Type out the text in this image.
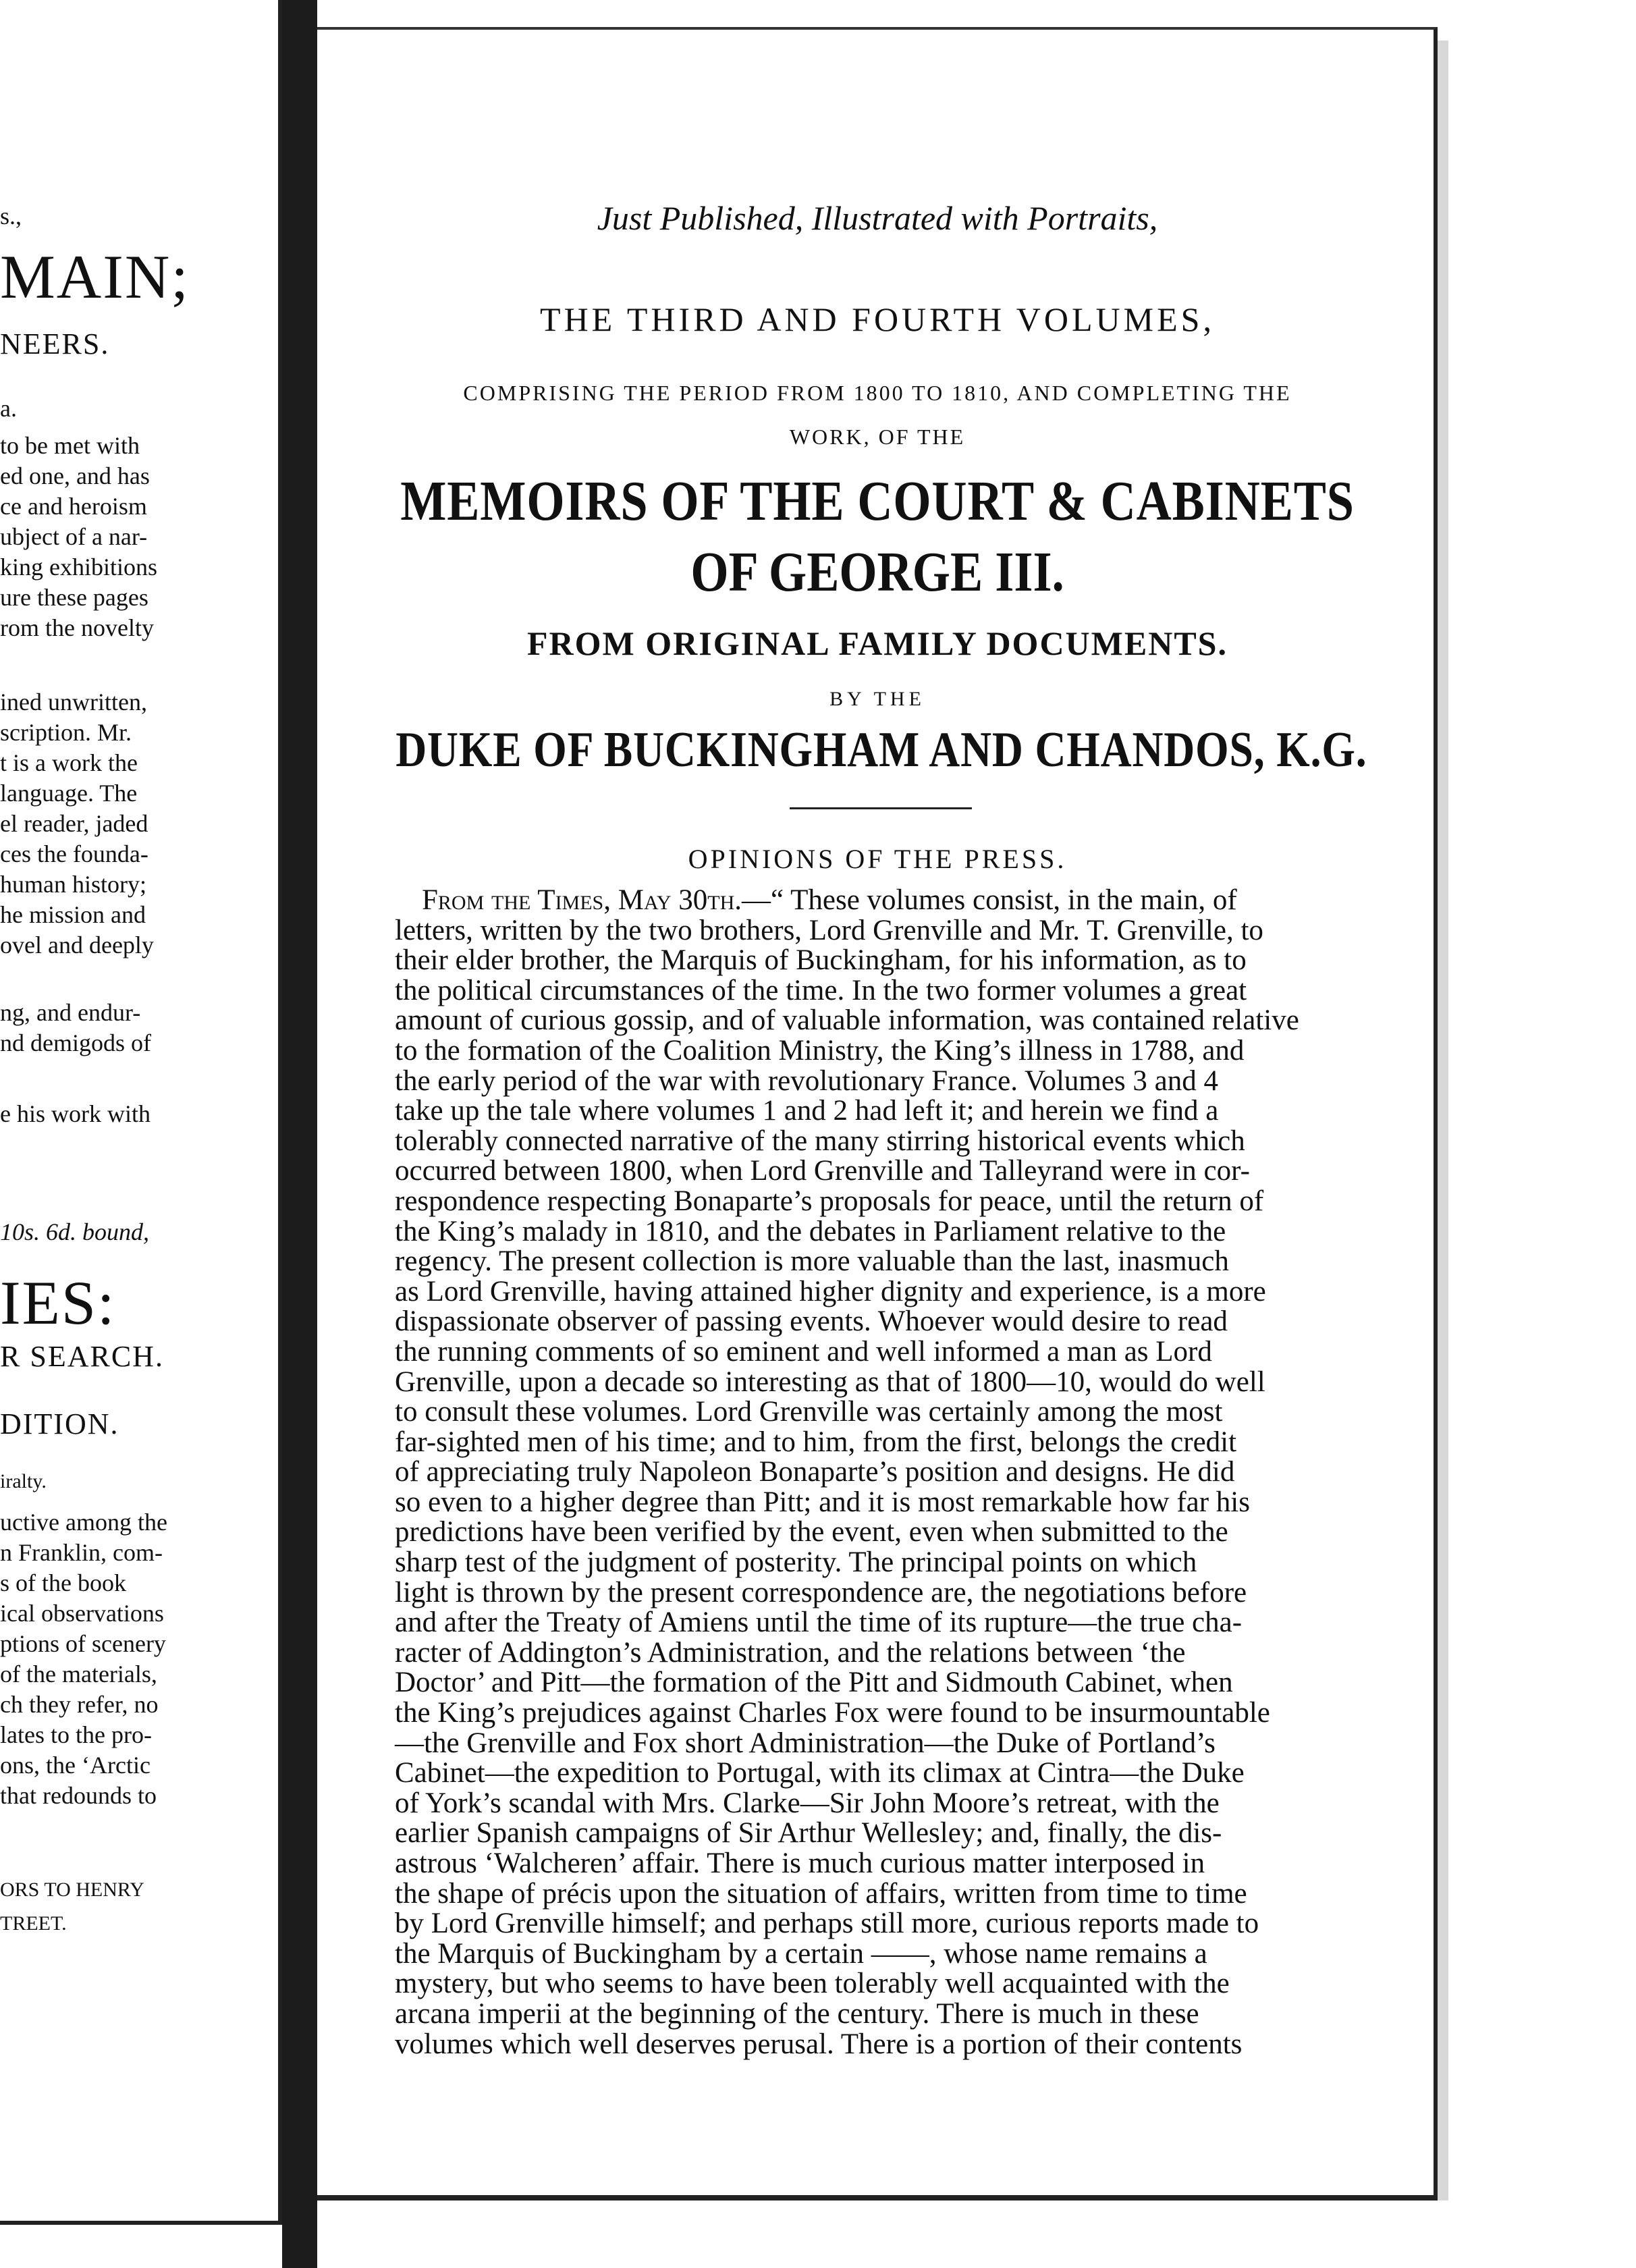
s.,
MAIN;
NEERS.
a.
to be met with
ed one, and has
ce and heroism
ubject of a nar-
king exhibitions
ure these pages
rom the novelty
ined unwritten,
scription. Mr.
t is a work the
language. The
el reader, jaded
ces the founda-
human history;
he mission and
ovel and deeply
ng, and endur-
nd demigods of
e his work with
10s. 6d. bound,
IES:
R SEARCH.
DITION.
iralty.
uctive among the
n Franklin, com-
s of the book
ical observations
ptions of scenery
of the materials,
ch they refer, no
lates to the pro-
ons, the ‘Arctic
that redounds to
ORS TO HENRY
TREET.
Just Published, Illustrated with Portraits,
THE THIRD AND FOURTH VOLUMES,
COMPRISING THE PERIOD FROM 1800 TO 1810, AND COMPLETING THE
WORK, OF THE
MEMOIRS OF THE COURT & CABINETS
OF GEORGE III.
FROM ORIGINAL FAMILY DOCUMENTS.
BY THE
DUKE OF BUCKINGHAM AND CHANDOS, K.G.
OPINIONS OF THE PRESS.

From the Times, May 30th.—“ These volumes consist, in the main, of

letters, written by the two brothers, Lord Grenville and Mr. T. Grenville, to

their elder brother, the Marquis of Buckingham, for his information, as to

the political circumstances of the time. In the two former volumes a great

amount of curious gossip, and of valuable information, was contained relative

to the formation of the Coalition Ministry, the King’s illness in 1788, and

the early period of the war with revolutionary France. Volumes 3 and 4

take up the tale where volumes 1 and 2 had left it; and herein we find a

tolerably connected narrative of the many stirring historical events which

occurred between 1800, when Lord Grenville and Talleyrand were in cor-

respondence respecting Bonaparte’s proposals for peace, until the return of

the King’s malady in 1810, and the debates in Parliament relative to the

regency. The present collection is more valuable than the last, inasmuch

as Lord Grenville, having attained higher dignity and experience, is a more

dispassionate observer of passing events. Whoever would desire to read

the running comments of so eminent and well informed a man as Lord

Grenville, upon a decade so interesting as that of 1800—10, would do well

to consult these volumes. Lord Grenville was certainly among the most

far-sighted men of his time; and to him, from the first, belongs the credit

of appreciating truly Napoleon Bonaparte’s position and designs. He did

so even to a higher degree than Pitt; and it is most remarkable how far his

predictions have been verified by the event, even when submitted to the

sharp test of the judgment of posterity. The principal points on which

light is thrown by the present correspondence are, the negotiations before

and after the Treaty of Amiens until the time of its rupture—the true cha-

racter of Addington’s Administration, and the relations between ‘the

Doctor’ and Pitt—the formation of the Pitt and Sidmouth Cabinet, when

the King’s prejudices against Charles Fox were found to be insurmountable

—the Grenville and Fox short Administration—the Duke of Portland’s

Cabinet—the expedition to Portugal, with its climax at Cintra—the Duke

of York’s scandal with Mrs. Clarke—Sir John Moore’s retreat, with the

earlier Spanish campaigns of Sir Arthur Wellesley; and, finally, the dis-

astrous ‘Walcheren’ affair. There is much curious matter interposed in

the shape of précis upon the situation of affairs, written from time to time

by Lord Grenville himself; and perhaps still more, curious reports made to

the Marquis of Buckingham by a certain ——, whose name remains a

mystery, but who seems to have been tolerably well acquainted with the

arcana imperii at the beginning of the century. There is much in these

volumes which well deserves perusal. There is a portion of their contents
